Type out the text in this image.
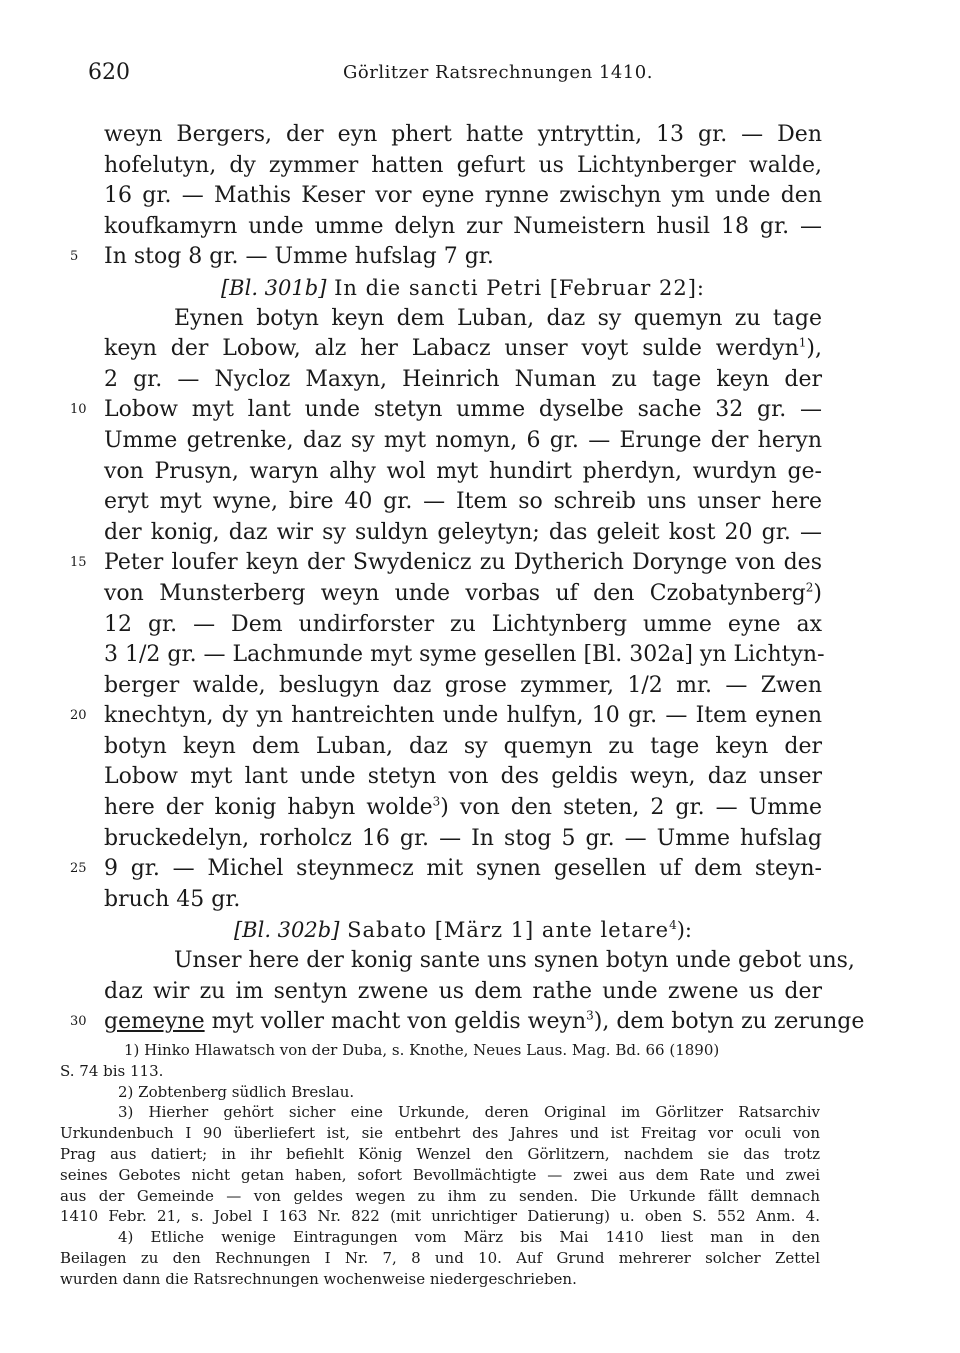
620	Görlitzer Ratsrechnungen 1410.
weyn Bergers, der eyn phert hatte yntryttin, 13 gr. — Den
hofelutyn, dy zymmer hatten gefurt us Lichtynberger walde,
16 gr. — Mathis Keser vor eyne rynne zwischyn ym unde den
koufkamyrn unde umme delyn zur Numeistern husil 18 gr. —
5 In stog 8 gr. — Umme hufslag 7 gr.
[Bl. 301b] In die sancti Petri [Februar 22]:
Eynen botyn keyn dem Luban, daz sy quemyn zu tage
keyn der Lobow, alz her Labacz unser voyt sulde werdyn$^1$),
2 gr. — Nycloz Maxyn, Heinrich Numan zu tage keyn der
10 Lobow myt lant unde stetyn umme dyselbe sache 32 gr. —
Umme getrenke, daz sy myt nomyn, 6 gr. — Erunge der heryn
von Prusyn, waryn alhy wol myt hundirt pherdyn, wurdyn ge-
eryt myt wyne, bire 40 gr. — Item so schreib uns unser here
der konig, daz wir sy suldyn geleytyn; das geleit kost 20 gr. —
15 Peter loufer keyn der Swydenicz zu Dytherich Dorynge von des
von Munsterberg weyn unde vorbas uf den Czobatynberg$^2$)
12 gr. — Dem undirforster zu Lichtynberg umme eyne ax
3 1/2 gr. — Lachmunde myt syme gesellen [Bl. 302a] yn Lichtyn-
berger walde, beslugyn daz grose zymmer, 1/2 mr. — Zwen
20 knechtyn, dy yn hantreichten unde hulfyn, 10 gr. — Item eynen
botyn keyn dem Luban, daz sy quemyn zu tage keyn der
Lobow myt lant unde stetyn von des geldis weyn, daz unser
here der konig habyn wolde$^3$) von den steten, 2 gr. — Umme
bruckedelyn, rorholcz 16 gr. — In stog 5 gr. — Umme hufslag
25 9 gr. — Michel steynmecz mit synen gesellen uf dem steyn-
bruch 45 gr.
[Bl. 302b] Sabato [März 1] ante letare$^4$):
Unser here der konig sante uns synen botyn unde gebot uns,
daz wir zu im sentyn zwene us dem rathe unde zwene us der
30 gemeyne myt voller macht von geldis weyn$^3$), dem botyn zu zerunge
1) Hinko Hlawatsch von der Duba, s. Knothe, Neues Laus. Mag. Bd. 66 (1890)
S. 74 bis 113.
2) Zobtenberg südlich Breslau.
3) Hierher gehört sicher eine Urkunde, deren Original im Görlitzer Ratsarchiv
Urkundenbuch I 90 überliefert ist, sie entbehrt des Jahres und ist Freitag vor oculi von
Prag aus datiert; in ihr befiehlt König Wenzel den Görlitzern, nachdem sie das trotz
seines Gebotes nicht getan haben, sofort Bevollmächtigte — zwei aus dem Rate und zwei
aus der Gemeinde — von geldes wegen zu ihm zu senden. Die Urkunde fällt demnach
1410 Febr. 21, s. Jobel I 163 Nr. 822 (mit unrichtiger Datierung) u. oben S. 552 Anm. 4.
4) Etliche wenige Eintragungen vom März bis Mai 1410 liest man in den
Beilagen zu den Rechnungen I Nr. 7, 8 und 10. Auf Grund mehrerer solcher Zettel
wurden dann die Ratsrechnungen wochenweise niedergeschrieben.
